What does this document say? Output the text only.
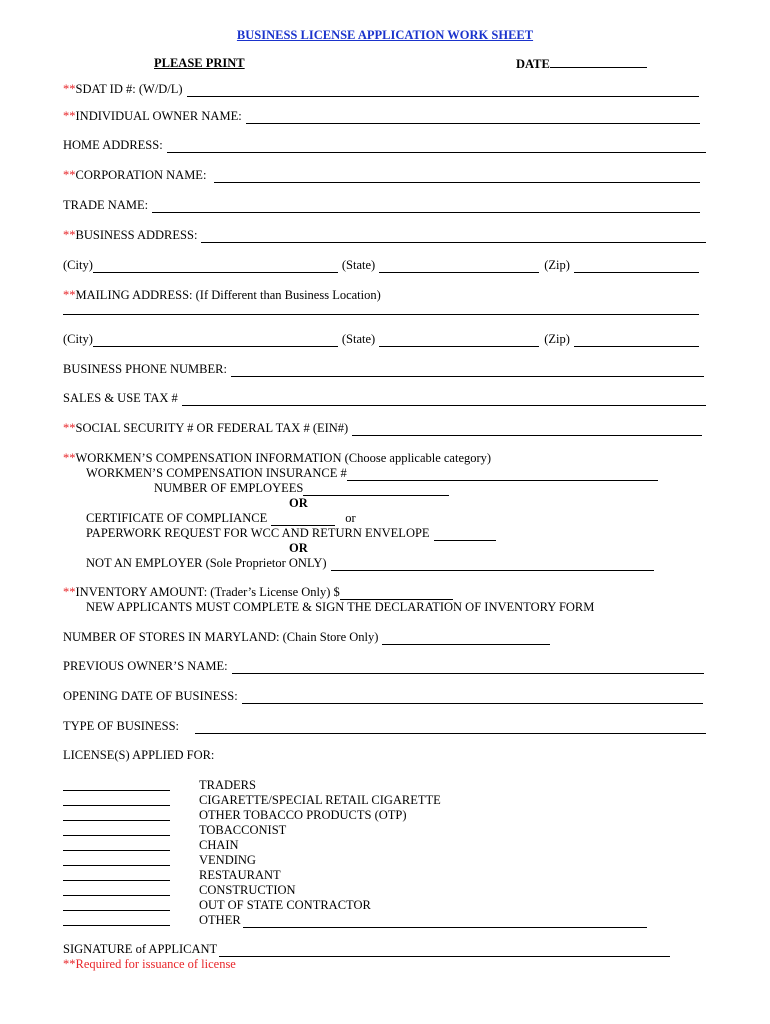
BUSINESS LICENSE APPLICATION WORK SHEET
PLEASE PRINT	DATE
** SDAT ID #: (W/D/L)
** INDIVIDUAL OWNER NAME:
HOME ADDRESS:
** CORPORATION NAME:
TRADE NAME:
** BUSINESS ADDRESS:
(City)	(State)	(Zip)
**MAILING ADDRESS: (If Different than Business Location)
(City)	(State)	(Zip)
BUSINESS PHONE NUMBER:
SALES & USE TAX #
** SOCIAL SECURITY # OR FEDERAL TAX # (EIN#)
**WORKMEN’S COMPENSATION INFORMATION (Choose applicable category)
WORKMEN’S COMPENSATION INSURANCE #
NUMBER OF EMPLOYEES
OR
CERTIFICATE OF COMPLIANCE	or
PAPERWORK REQUEST FOR WCC AND RETURN ENVELOPE
OR
NOT AN EMPLOYER (Sole Proprietor ONLY)
** INVENTORY AMOUNT: (Trader’s License Only) $
NEW APPLICANTS MUST COMPLETE & SIGN THE DECLARATION OF INVENTORY FORM
NUMBER OF STORES IN MARYLAND: (Chain Store Only)
PREVIOUS OWNER’S NAME:
OPENING DATE OF BUSINESS:
TYPE OF BUSINESS:
LICENSE(S) APPLIED FOR:
TRADERS
CIGARETTE/SPECIAL RETAIL CIGARETTE
OTHER TOBACCO PRODUCTS (OTP)
TOBACCONIST
CHAIN
VENDING
RESTAURANT
CONSTRUCTION
OUT OF STATE CONTRACTOR
OTHER
SIGNATURE of APPLICANT
**Required for issuance of license
